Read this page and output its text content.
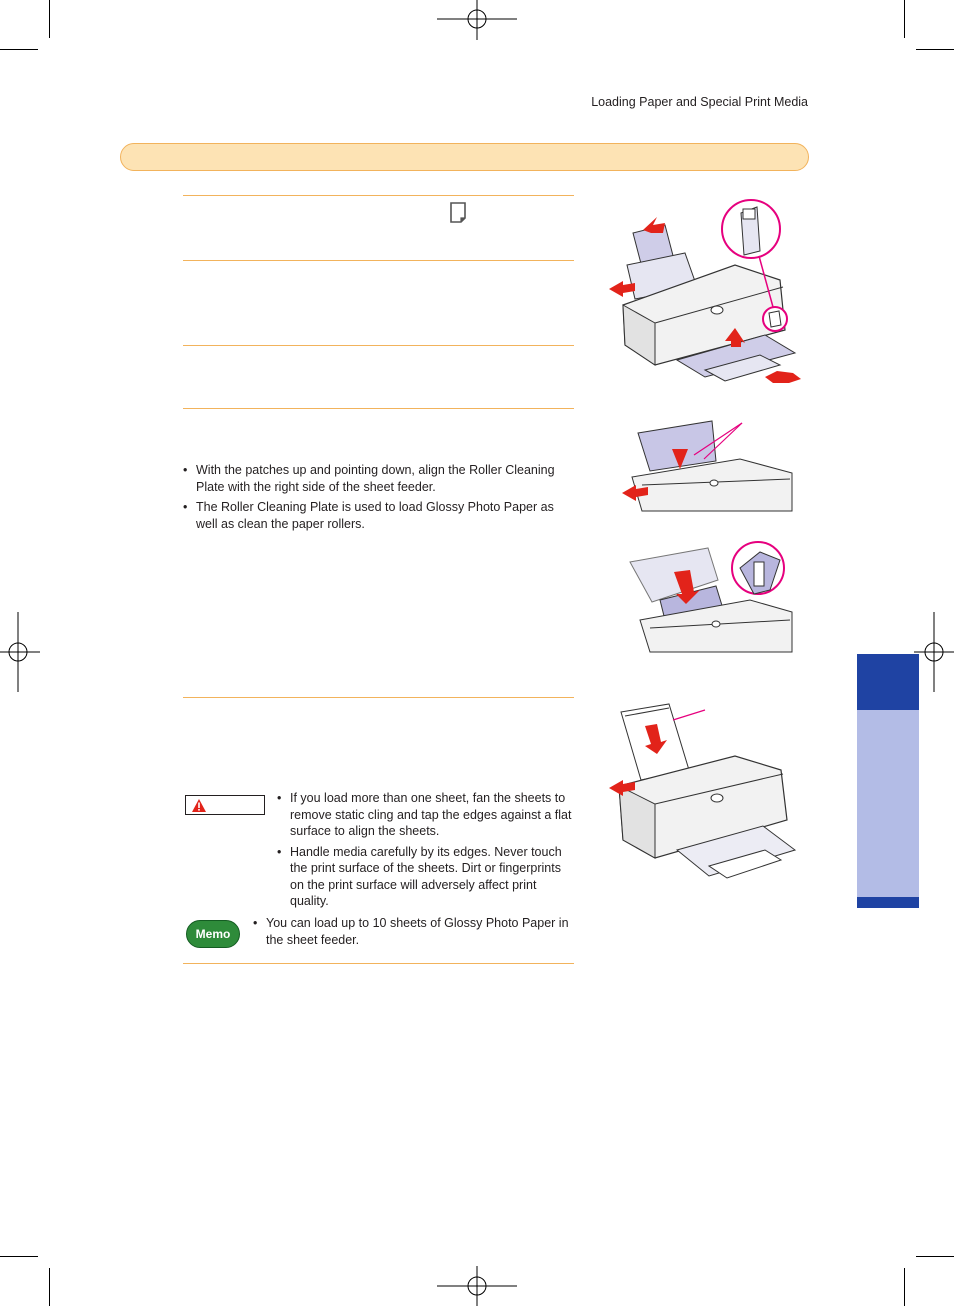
Loading Paper and Special Print Media
• With the patches up and pointing down, align the Roller Cleaning Plate with the right side of the sheet feeder.
• The Roller Cleaning Plate is used to load Glossy Photo Paper as well as clean the paper rollers.
• If you load more than one sheet, fan the sheets to remove static cling and tap the edges against a flat surface to align the sheets.
• Handle media carefully by its edges. Never touch the print surface of the sheets. Dirt or fingerprints on the print surface will adversely affect print quality.
Memo
• You can load up to 10 sheets of Glossy Photo Paper in the sheet feeder.
